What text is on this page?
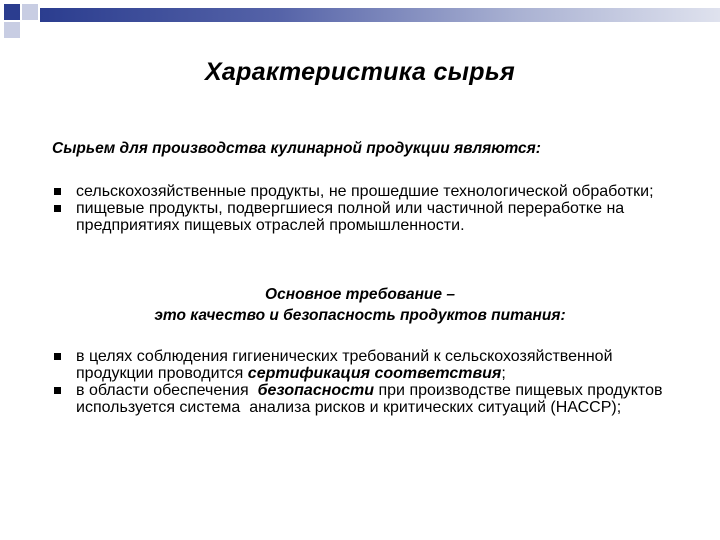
Характеристика сырья
Сырьем для производства кулинарной продукции являются:
сельскохозяйственные продукты, не прошедшие технологической обработки;
пищевые продукты, подвергшиеся полной или частичной переработке на предприятиях пищевых отраслей промышленности.
Основное требование –
это качество и безопасность продуктов питания:
в целях соблюдения гигиенических требований к сельскохозяйственной продукции проводится сертификация соответствия;
в области обеспечения  безопасности при производстве пищевых продуктов используется система  анализа рисков и критических ситуаций (НАССР);
